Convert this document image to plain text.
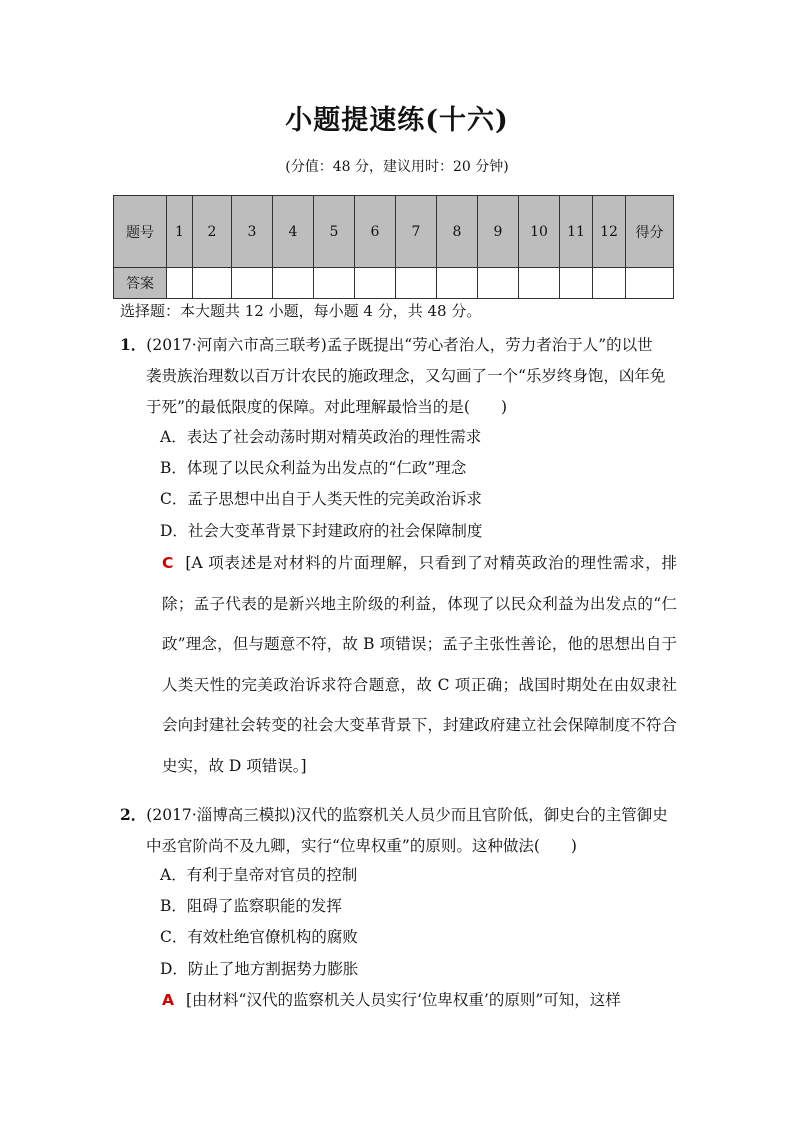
小题提速练(十六)
(分值：48 分，建议用时：20 分钟)
题号	1	2	3	4	5	6	7	8	9	10	11	12	得分
答案													
选择题：本大题共 12 小题，每小题 4 分，共 48 分。
1．(2017·河南六市高三联考)孟子既提出“劳心者治人，劳力者治于人”的以世
袭贵族治理数以百万计农民的施政理念，又勾画了一个“乐岁终身饱，凶年免于死”的最低限度的保障。对此理解最恰当的是(　　)
A．表达了社会动荡时期对精英政治的理性需求
B．体现了以民众利益为出发点的“仁政”理念
C．孟子思想中出自于人类天性的完美政治诉求
D．社会大变革背景下封建政府的社会保障制度
C [A 项表述是对材料的片面理解，只看到了对精英政治的理性需求，排除；孟子代表的是新兴地主阶级的利益，体现了以民众利益为出发点的“仁政”理念，但与题意不符，故 B 项错误；孟子主张性善论，他的思想出自于人类天性的完美政治诉求符合题意，故 C 项正确；战国时期处在由奴隶社会向封建社会转变的社会大变革背景下，封建政府建立社会保障制度不符合史实，故 D 项错误。]
2．(2017·淄博高三模拟)汉代的监察机关人员少而且官阶低，御史台的主管御史
中丞官阶尚不及九卿，实行“位卑权重”的原则。这种做法(　　)
A．有利于皇帝对官员的控制
B．阻碍了监察职能的发挥
C．有效杜绝官僚机构的腐败
D．防止了地方割据势力膨胀
A [由材料“汉代的监察机关人员实行‘位卑权重’的原则”可知，这样
